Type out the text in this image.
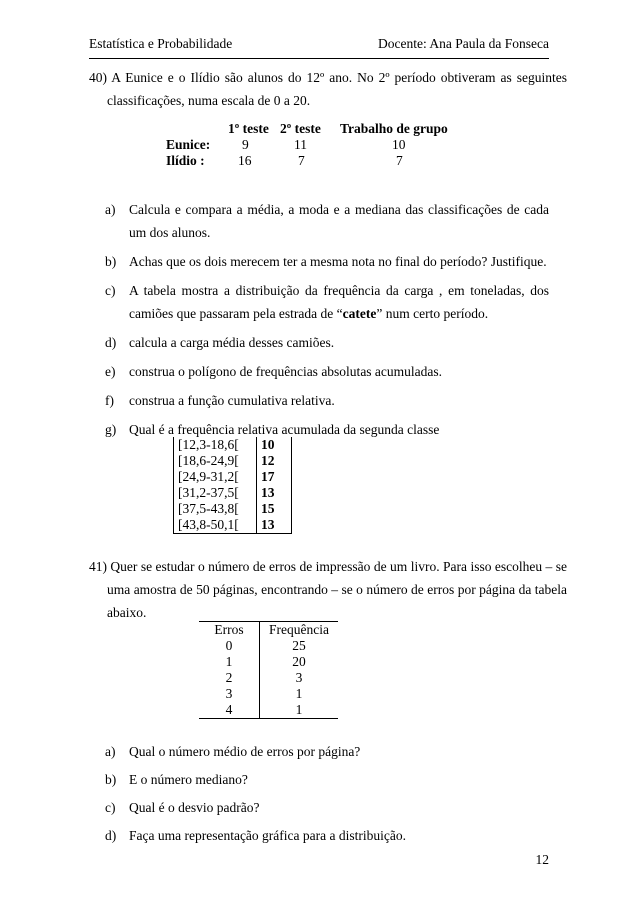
Estatística e Probabilidade	Docente: Ana Paula da Fonseca
40) A Eunice e o Ilídio são alunos do 12º ano. No 2º período obtiveram as seguintes classificações, numa escala de 0 a 20.
	1º teste	2º teste	Trabalho de grupo
Eunice:	9	11	10
Ilídio :	16	7	7
a) Calcula e compara a média, a moda e a mediana das classificações de cada um dos alunos.
b) Achas que os dois merecem ter a mesma nota no final do período? Justifique.
c) A tabela mostra a distribuição da frequência da carga , em toneladas, dos camiões que passaram pela estrada de “catete” num certo período.
d) calcula a carga média desses camiões.
e) construa o polígono de frequências absolutas acumuladas.
f) construa a função cumulativa relativa.
g) Qual é a frequência relativa acumulada da segunda classe
[12,3-18,6[	10
[18,6-24,9[	12
[24,9-31,2[	17
[31,2-37,5[	13
[37,5-43,8[	15
[43,8-50,1[	13
41) Quer se estudar o número de erros de impressão de um livro. Para isso escolheu – se uma amostra de 50 páginas, encontrando – se o número de erros por página da tabela abaixo.
Erros	Frequência
0	25
1	20
2	3
3	1
4	1
a) Qual o número médio de erros por página?
b) E o número mediano?
c) Qual é o desvio padrão?
d) Faça uma representação gráfica para a distribuição.
12
